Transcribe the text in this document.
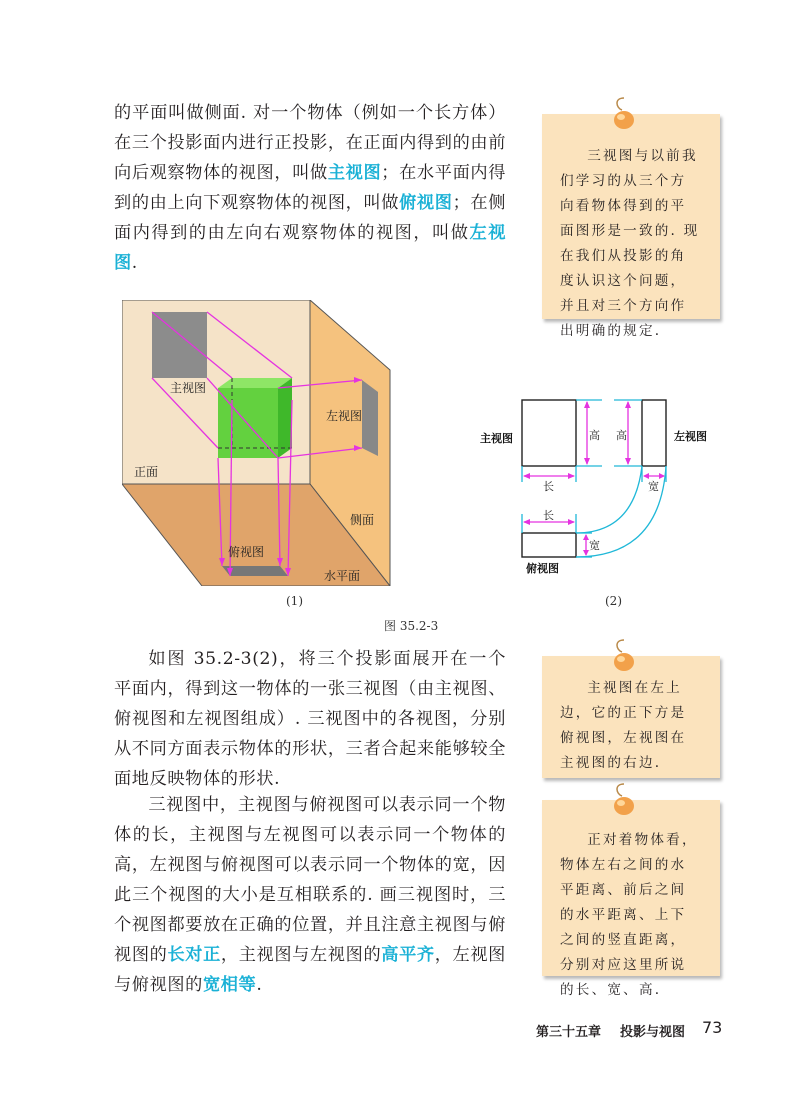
的平面叫做侧面. 对一个物体（例如一个长方体）在三个投影面内进行正投影，在正面内得到的由前向后观察物体的视图，叫做主视图；在水平面内得到的由上向下观察物体的视图，叫做俯视图；在侧面内得到的由左向右观察物体的视图，叫做左视图.

三视图与以前我们学习的从三个方向看物体得到的平面图形是一致的. 现在我们从投影的角度认识这个问题，并且对三个方向作出明确的规定.

主视图
左视图
正面
侧面
俯视图
水平面
(1)
主视图	左视图
俯视图
高 高
长	宽
长
宽
(2)
图 35.2-3

如图 35.2-3(2)，将三个投影面展开在一个平面内，得到这一物体的一张三视图（由主视图、俯视图和左视图组成）. 三视图中的各视图，分别从不同方面表示物体的形状，三者合起来能够较全面地反映物体的形状.

主视图在左上边，它的正下方是俯视图，左视图在主视图的右边.

三视图中，主视图与俯视图可以表示同一个物体的长，主视图与左视图可以表示同一个物体的高，左视图与俯视图可以表示同一个物体的宽，因此三个视图的大小是互相联系的. 画三视图时，三个视图都要放在正确的位置，并且注意主视图与俯视图的长对正，主视图与左视图的高平齐，左视图与俯视图的宽相等.

正对着物体看，物体左右之间的水平距离、前后之间的水平距离、上下之间的竖直距离，分别对应这里所说的长、宽、高.

第三十五章 投影与视图 73
